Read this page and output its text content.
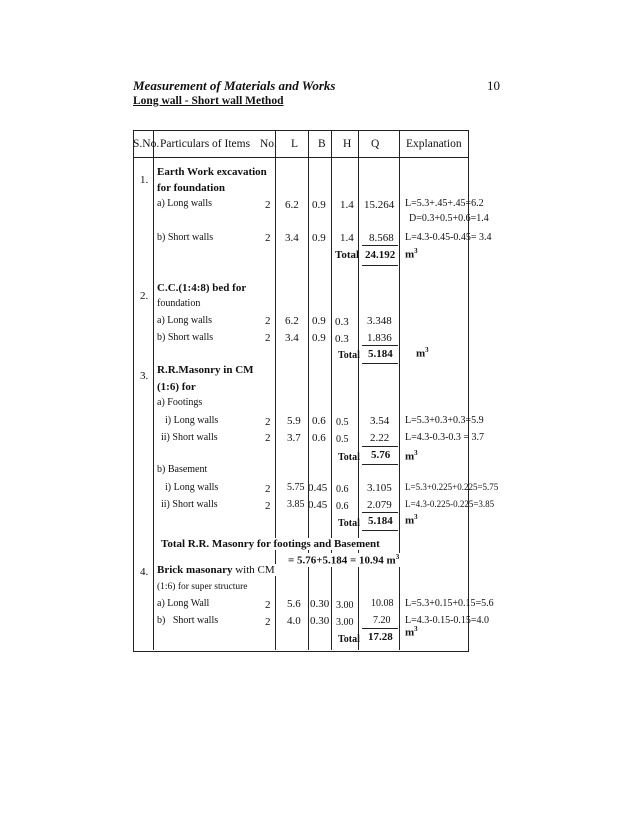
Measurement of Materials and Works	10
Long wall - Short wall Method
S.No. Particulars of Items No. L B H Q Explanation
1.
Earth Work excavation
for foundation
a) Long walls	2 6.2 0.9 1.4 15.264 L=5.3+.45+.45=6.2
D=0.3+0.5+0.6=1.4
b) Short walls	2 3.4 0.9 1.4 8.568 L=4.3-0.45-0.45= 3.4
Total 24.192 $m^3$
2.
C.C.(1:4:8) bed for
foundation
a) Long walls	2 6.2 0.9 0.3 3.348
b) Short walls	2 3.4 0.9 0.3 1.836
Total 5.184 $m^3$
3. R.R.Masonry in CM
(1:6) for
a) Footings
i) Long walls	2 5.9 0.6 0.5 3.54 L=5.3+0.3+0.3=5.9
ii) Short walls	2 3.7 0.6 0.5 2.22 L=4.3-0.3-0.3 = 3.7
Total 5.76 $m^3$
b) Basement
i) Long walls	2 5.75 0.45 0.6 3.105 L=5.3+0.225+0.225=5.75
ii) Short walls	2 3.85 0.45 0.6 2.079 L=4.3-0.225-0.225=3.85
Total 5.184 $m^3$
Total R.R. Masonry for footings and Basement
= 5.76+5.184 = 10.94 $m^3$
4. Brick masonary with CM
(1:6) for super structure
a) Long Wall	2 5.6 0.30 3.00 10.08 L=5.3+0.15+0.15=5.6
b)   Short walls	2 4.0 0.30 3.00 7.20 L=4.3-0.15-0.15=4.0
$m^3$
Total 17.28
